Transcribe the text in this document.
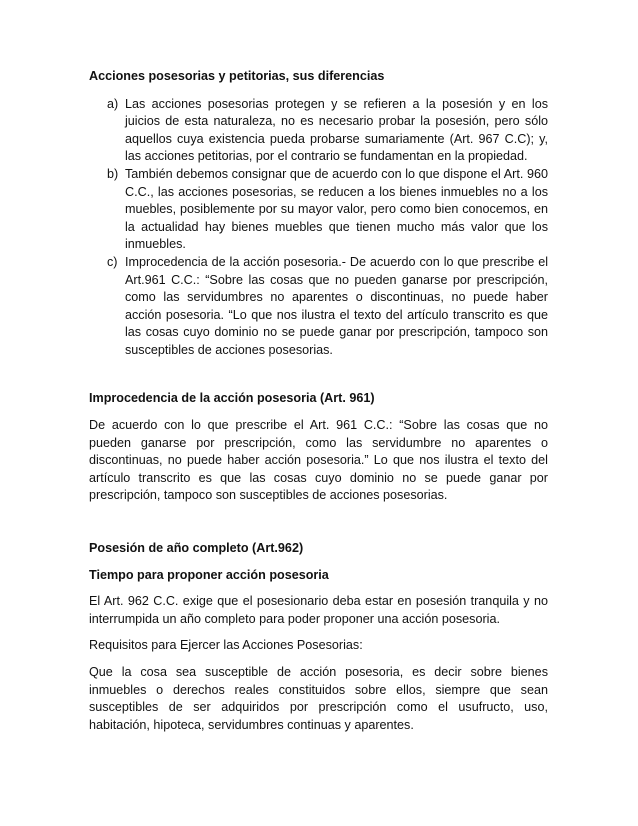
Acciones posesorias y petitorias, sus diferencias

a) Las acciones posesorias protegen y se refieren a la posesión y en los juicios de esta naturaleza, no es necesario probar la posesión, pero sólo aquellos cuya existencia pueda probarse sumariamente (Art. 967 C.C); y, las acciones petitorias, por el contrario se fundamentan en la propiedad.
b) También debemos consignar que de acuerdo con lo que dispone el Art. 960 C.C., las acciones posesorias, se reducen a los bienes inmuebles no a los muebles, posiblemente por su mayor valor, pero como bien conocemos, en la actualidad hay bienes muebles que tienen mucho más valor que los inmuebles.
c) Improcedencia de la acción posesoria.- De acuerdo con lo que prescribe el Art.961 C.C.: “Sobre las cosas que no pueden ganarse por prescripción, como las servidumbres no aparentes o discontinuas, no puede haber acción posesoria. “Lo que nos ilustra el texto del artículo transcrito es que las cosas cuyo dominio no se puede ganar por prescripción, tampoco son susceptibles de acciones posesorias.

Improcedencia de la acción posesoria (Art. 961)

De acuerdo con lo que prescribe el Art. 961 C.C.: “Sobre las cosas que no pueden ganarse por prescripción, como las servidumbre no aparentes o discontinuas, no puede haber acción posesoria.” Lo que nos ilustra el texto del artículo transcrito es que las cosas cuyo dominio no se puede ganar por prescripción, tampoco son susceptibles de acciones posesorias.

Posesión de año completo (Art.962)

Tiempo para proponer acción posesoria

El Art. 962 C.C. exige que el posesionario deba estar en posesión tranquila y no interrumpida un año completo para poder proponer una acción posesoria.

Requisitos para Ejercer las Acciones Posesorias:

Que la cosa sea susceptible de acción posesoria, es decir sobre bienes inmuebles o derechos reales constituidos sobre ellos, siempre que sean susceptibles de ser adquiridos por prescripción como el usufructo, uso, habitación, hipoteca, servidumbres continuas y aparentes.
